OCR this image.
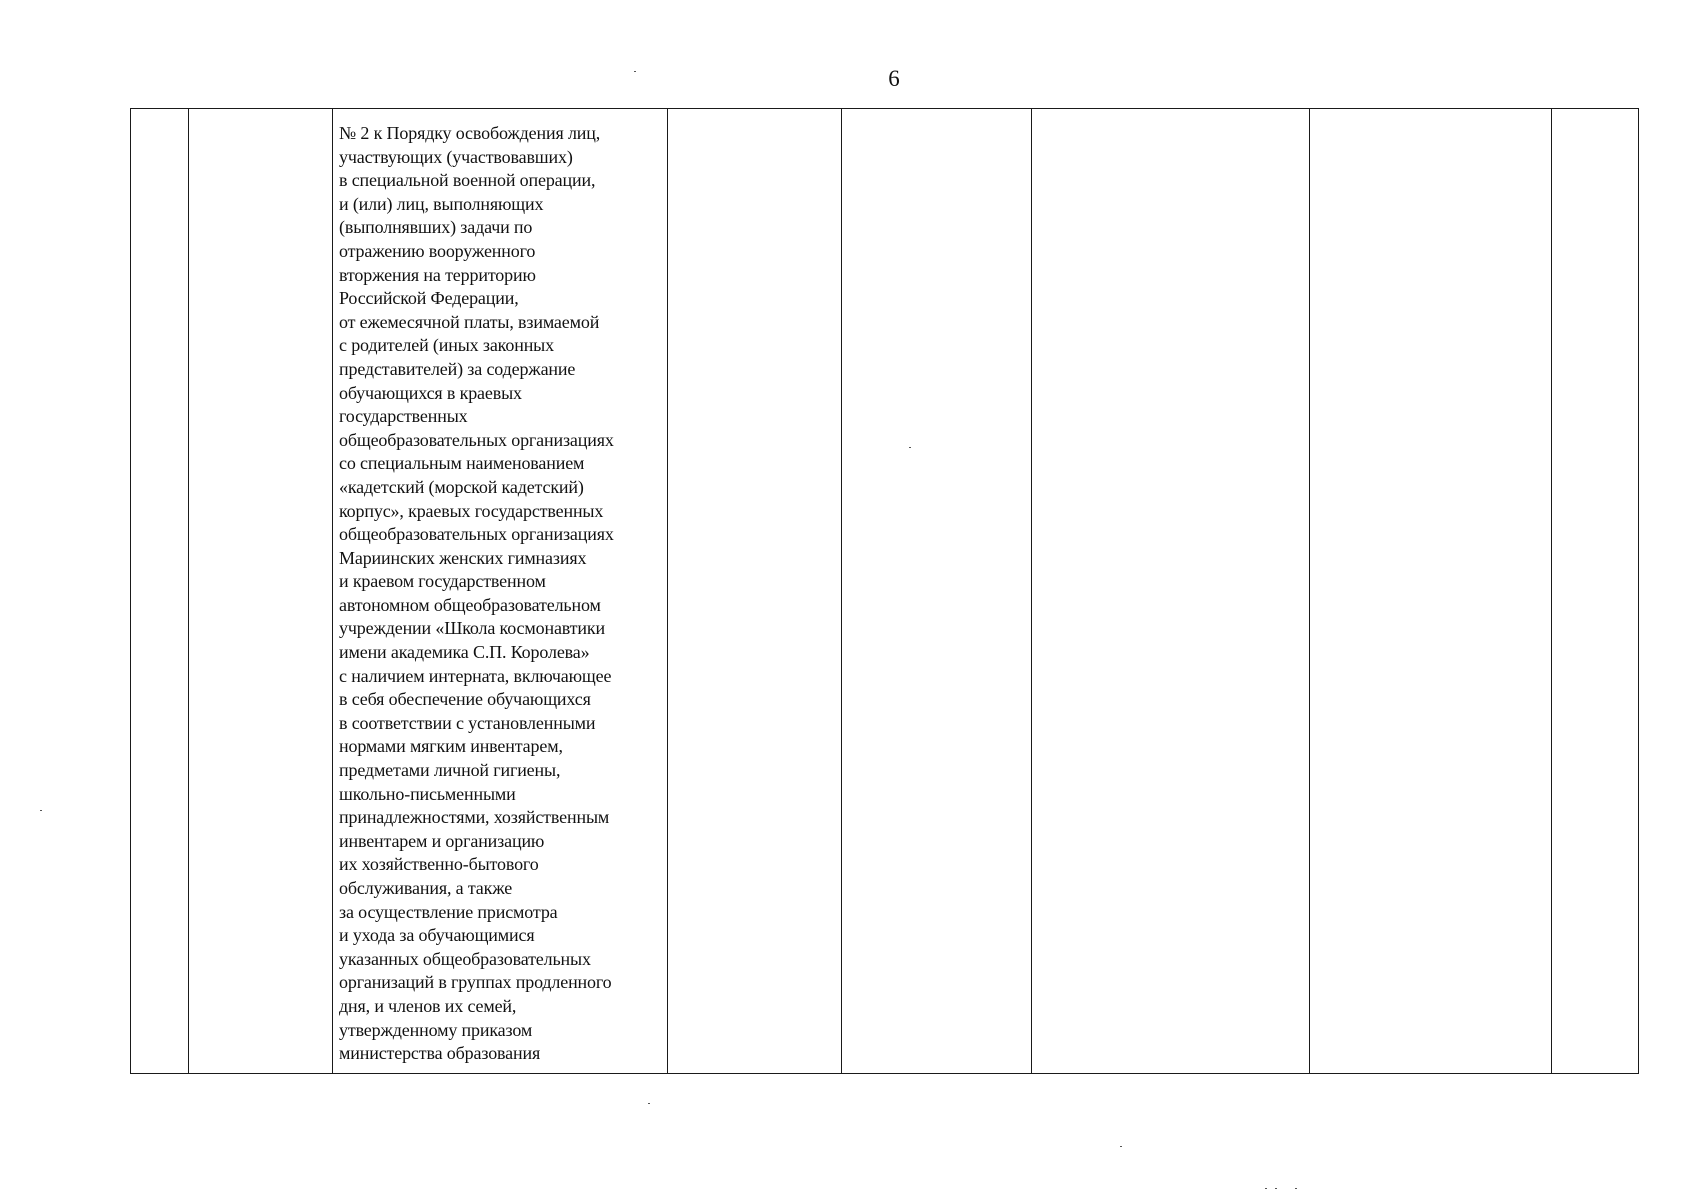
6

№ 2 к Порядку освобождения лиц,
участвующих (участвовавших)
в специальной военной операции,
и (или) лиц, выполняющих
(выполнявших) задачи по
отражению вооруженного
вторжения на территорию
Российской Федерации,
от ежемесячной платы, взимаемой
с родителей (иных законных
представителей) за содержание
обучающихся в краевых
государственных
общеобразовательных организациях
со специальным наименованием
«кадетский (морской кадетский)
корпус», краевых государственных
общеобразовательных организациях
Мариинских женских гимназиях
и краевом государственном
автономном общеобразовательном
учреждении «Школа космонавтики
имени академика С.П. Королева»
с наличием интерната, включающее
в себя обеспечение обучающихся
в соответствии с установленными
нормами мягким инвентарем,
предметами личной гигиены,
школьно-письменными
принадлежностями, хозяйственным
инвентарем и организацию
их хозяйственно-бытового
обслуживания, а также
за осуществление присмотра
и ухода за обучающимися
указанных общеобразовательных
организаций в группах продленного
дня, и членов их семей,
утвержденному приказом
министерства образования
